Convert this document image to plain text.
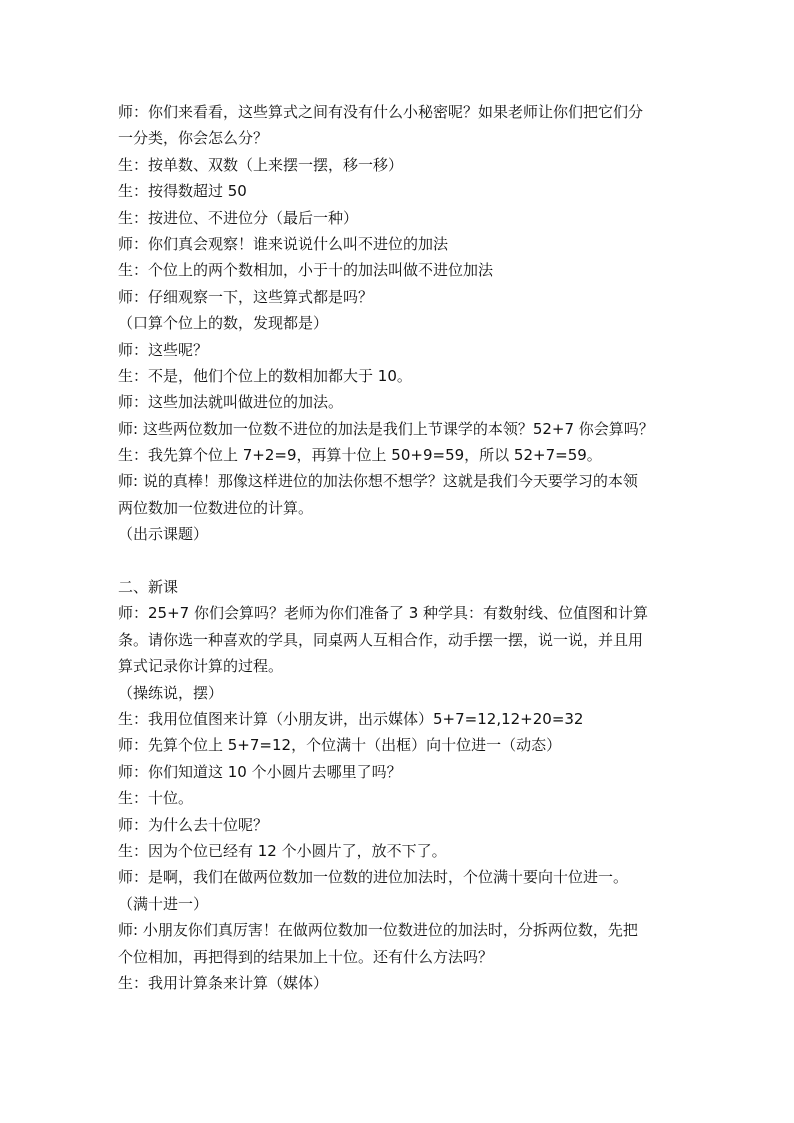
师：你们来看看，这些算式之间有没有什么小秘密呢？如果老师让你们把它们分
一分类，你会怎么分？
生：按单数、双数（上来摆一摆，移一移）
生：按得数超过 50
生：按进位、不进位分（最后一种）
师：你们真会观察！谁来说说什么叫不进位的加法
生：个位上的两个数相加，小于十的加法叫做不进位加法
师：仔细观察一下，这些算式都是吗？
（口算个位上的数，发现都是）
师：这些呢？
生：不是，他们个位上的数相加都大于 10。
师：这些加法就叫做进位的加法。
师: 这些两位数加一位数不进位的加法是我们上节课学的本领？52+7 你会算吗？
生：我先算个位上 7+2=9，再算十位上 50+9=59，所以 52+7=59。
师: 说的真棒！那像这样进位的加法你想不想学？这就是我们今天要学习的本领
两位数加一位数进位的计算。
（出示课题）
二、新课
师：25+7 你们会算吗？老师为你们准备了 3 种学具：有数射线、位值图和计算
条。请你选一种喜欢的学具，同桌两人互相合作，动手摆一摆，说一说，并且用
算式记录你计算的过程。
（操练说，摆）
生：我用位值图来计算（小朋友讲，出示媒体）5+7=12,12+20=32
师：先算个位上 5+7=12，个位满十（出框）向十位进一（动态）
师：你们知道这 10 个小圆片去哪里了吗？
生：十位。
师：为什么去十位呢？
生：因为个位已经有 12 个小圆片了，放不下了。
师：是啊，我们在做两位数加一位数的进位加法时，个位满十要向十位进一。
（满十进一）
师: 小朋友你们真厉害！在做两位数加一位数进位的加法时，分拆两位数，先把
个位相加，再把得到的结果加上十位。还有什么方法吗？
生：我用计算条来计算（媒体）
